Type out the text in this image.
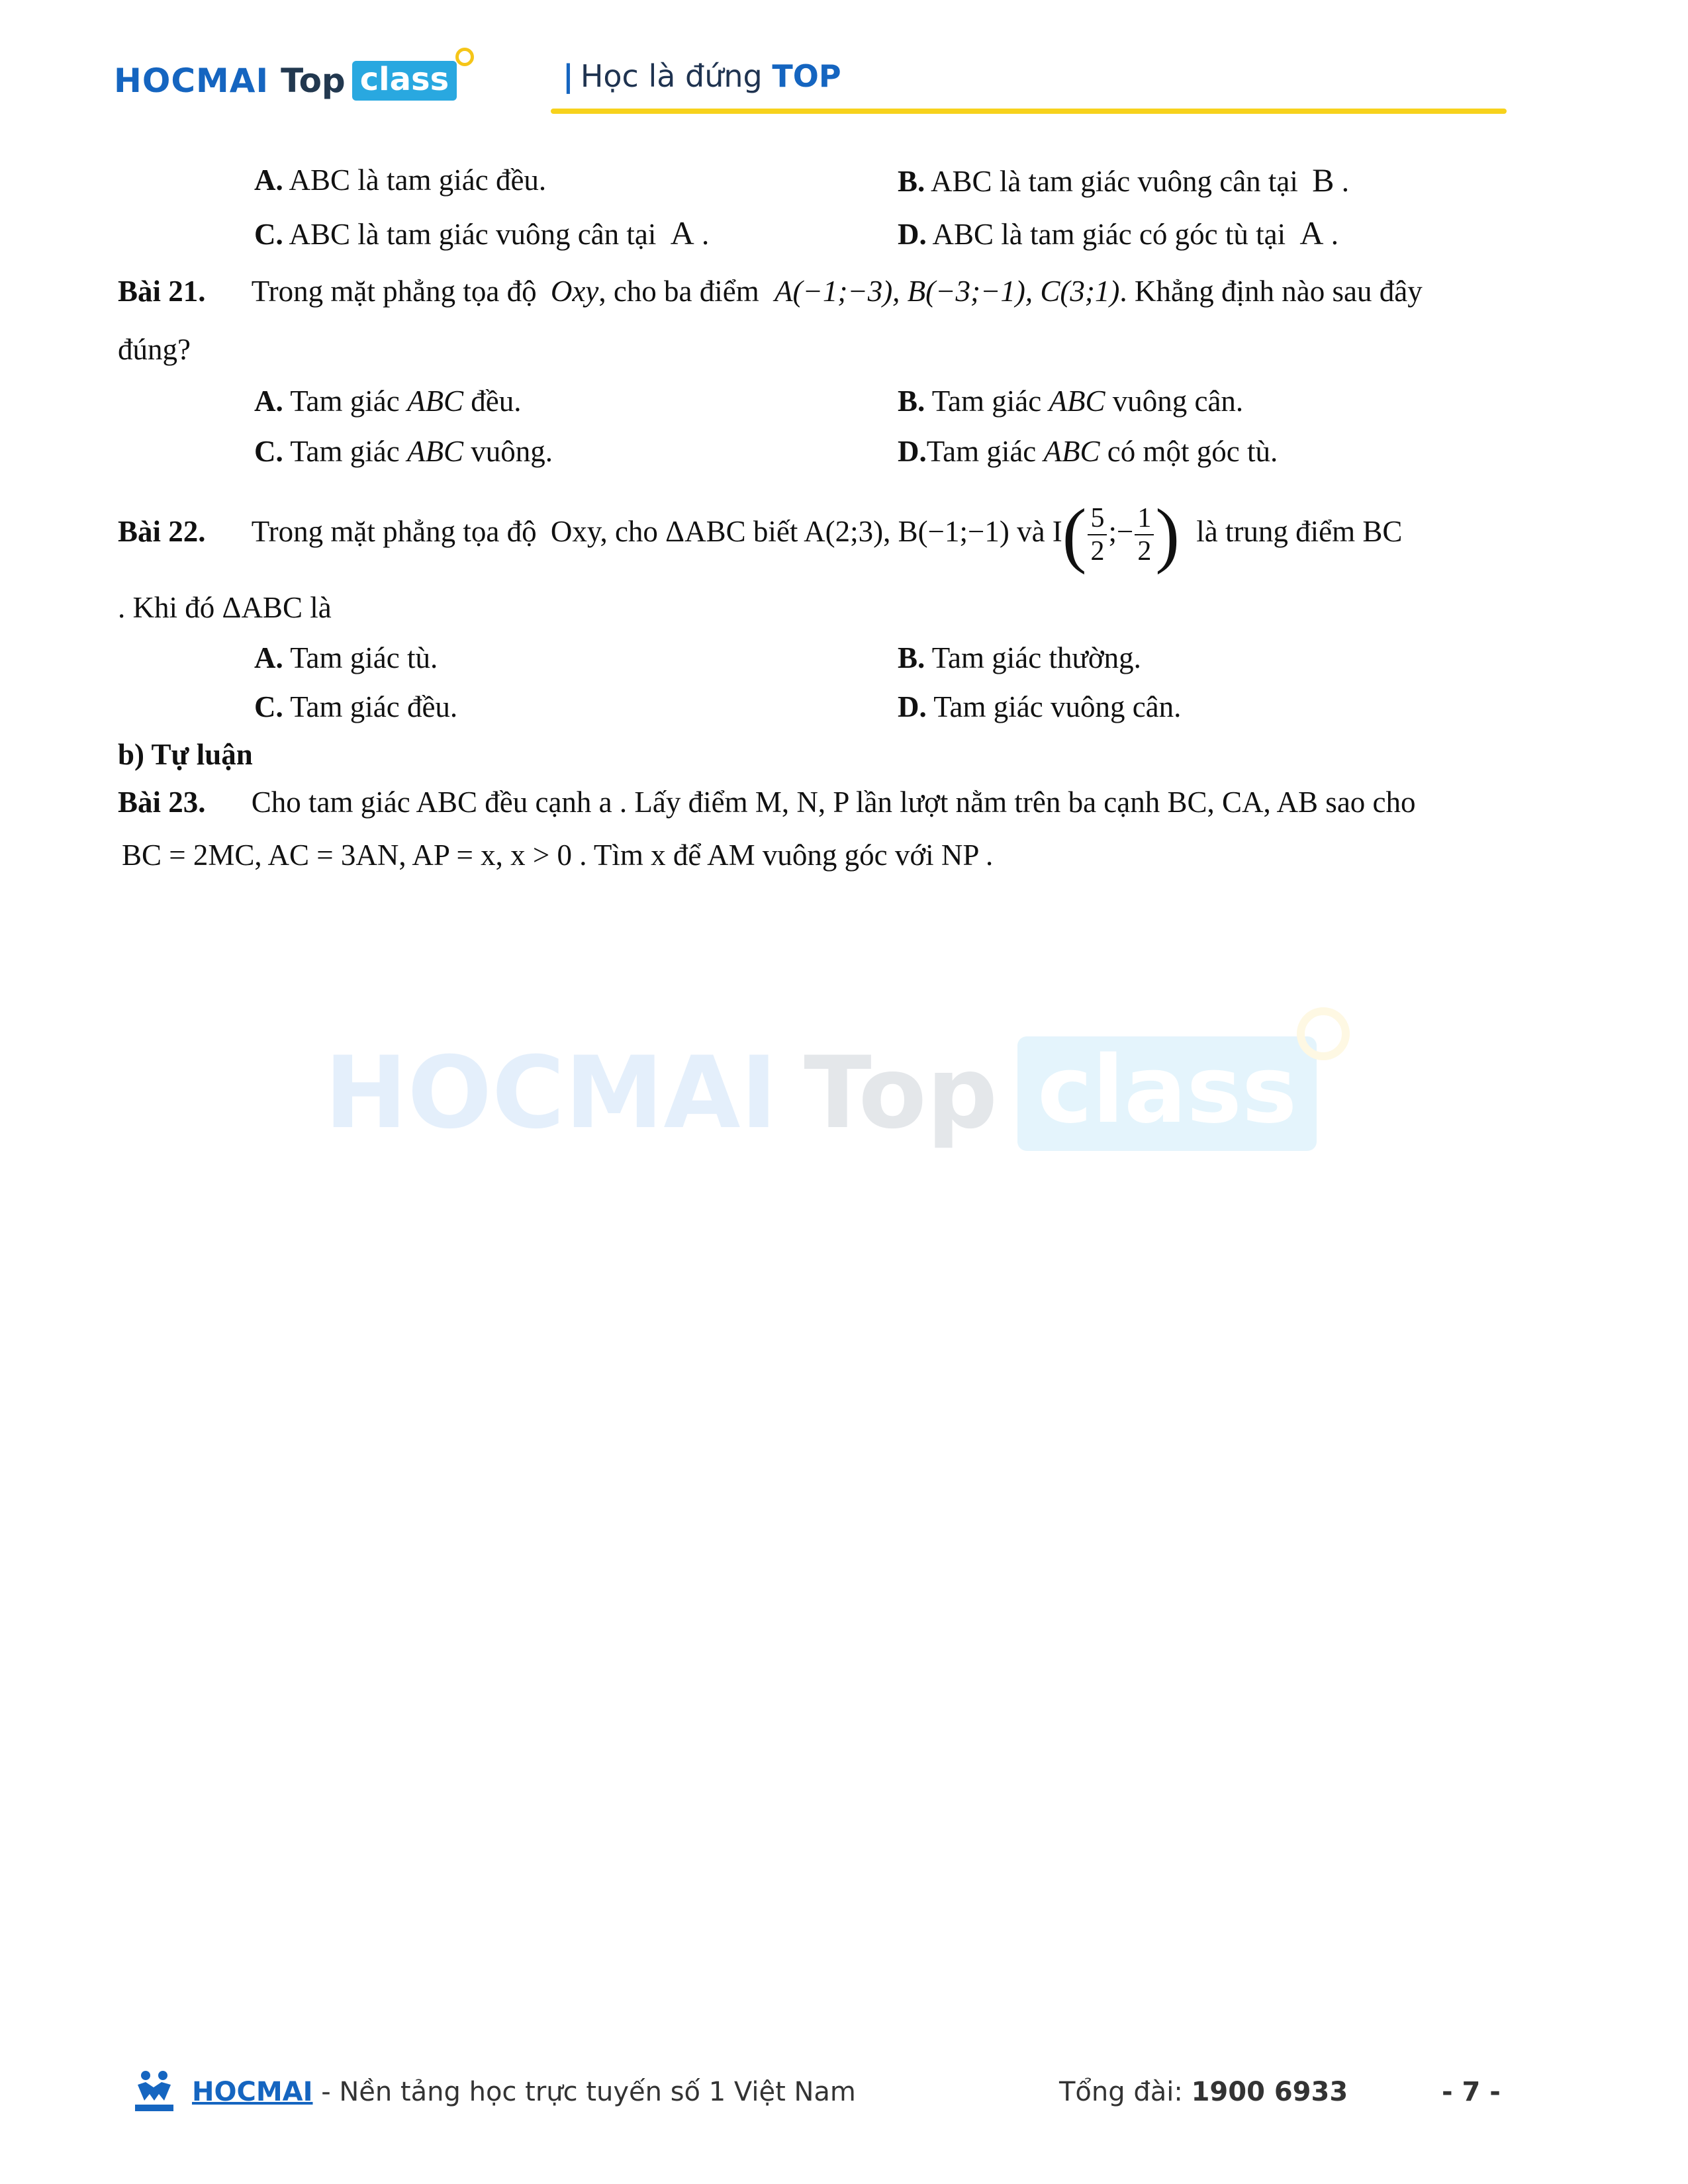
HOCMAI Top class	| Học là đứng TOP
A. ABC là tam giác đều.	B. ABC là tam giác vuông cân tại B .
C. ABC là tam giác vuông cân tại A .	D. ABC là tam giác có góc tù tại A .
Bài 21. Trong mặt phẳng tọa độ Oxy, cho ba điểm A(−1;−3), B(−3;−1), C(3;1). Khẳng định nào sau đây
đúng?
A. Tam giác ABC đều.	B. Tam giác ABC vuông cân.
C. Tam giác ABC vuông.	D.Tam giác ABC có một góc tù.
Bài 22. Trong mặt phẳng tọa độ Oxy, cho ΔABC biết A(2;3), B(−1;−1) và $I( \frac{5}{2}$ ;− $\frac{1}{2}$ ) là trung điểm BC
. Khi đó ΔABC là
A. Tam giác tù.	B. Tam giác thường.
C. Tam giác đều.	D. Tam giác vuông cân.
b) Tự luận
Bài 23. Cho tam giác ABC đều cạnh a . Lấy điểm M, N, P lần lượt nằm trên ba cạnh BC, CA, AB sao cho
BC = 2MC, AC = 3AN, AP = x, x > 0 . Tìm x để AM vuông góc với NP .
HOCMAI Top class
HOCMAI - Nền tảng học trực tuyến số 1 Việt Nam	Tổng đài: 1900 6933	- 7 -
